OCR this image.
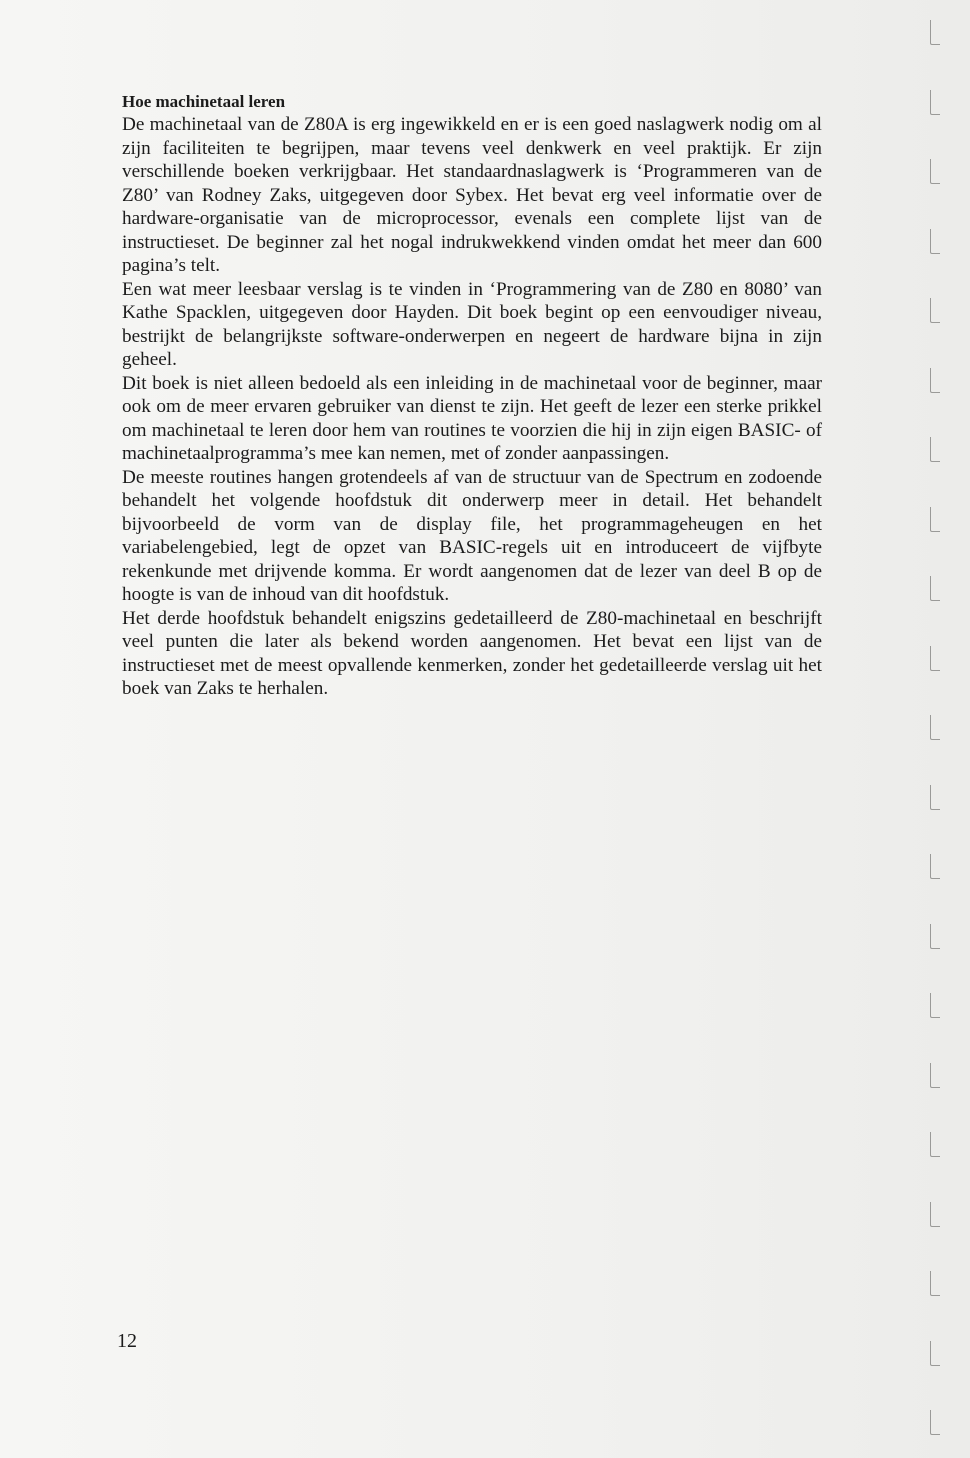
Hoe machinetaal leren

De machinetaal van de Z80A is erg ingewikkeld en er is een goed naslagwerk nodig om al zijn faciliteiten te begrijpen, maar tevens veel denkwerk en veel praktijk. Er zijn verschillende boeken verkrijgbaar. Het standaardnaslagwerk is ‘Programmeren van de Z80’ van Rodney Zaks, uitgegeven door Sybex. Het bevat erg veel informatie over de hardware-organisatie van de microprocessor, evenals een complete lijst van de instructieset. De beginner zal het nogal indrukwekkend vinden omdat het meer dan 600 pagina’s telt.

Een wat meer leesbaar verslag is te vinden in ‘Programmering van de Z80 en 8080’ van Kathe Spacklen, uitgegeven door Hayden. Dit boek begint op een eenvoudiger niveau, bestrijkt de belangrijkste software-onderwerpen en negeert de hardware bijna in zijn geheel.

Dit boek is niet alleen bedoeld als een inleiding in de machinetaal voor de beginner, maar ook om de meer ervaren gebruiker van dienst te zijn. Het geeft de lezer een sterke prikkel om machinetaal te leren door hem van routines te voorzien die hij in zijn eigen BASIC- of machinetaalprogramma’s mee kan nemen, met of zonder aanpassingen.

De meeste routines hangen grotendeels af van de structuur van de Spectrum en zodoende behandelt het volgende hoofdstuk dit onderwerp meer in detail. Het behandelt bijvoorbeeld de vorm van de display file, het programmageheugen en het variabelengebied, legt de opzet van BASIC-regels uit en introduceert de vijfbyte rekenkunde met drijvende komma. Er wordt aangenomen dat de lezer van deel B op de hoogte is van de inhoud van dit hoofdstuk.

Het derde hoofdstuk behandelt enigszins gedetailleerd de Z80-machinetaal en beschrijft veel punten die later als bekend worden aangenomen. Het bevat een lijst van de instructieset met de meest opvallende kenmerken, zonder het gedetailleerde verslag uit het boek van Zaks te herhalen.

12
